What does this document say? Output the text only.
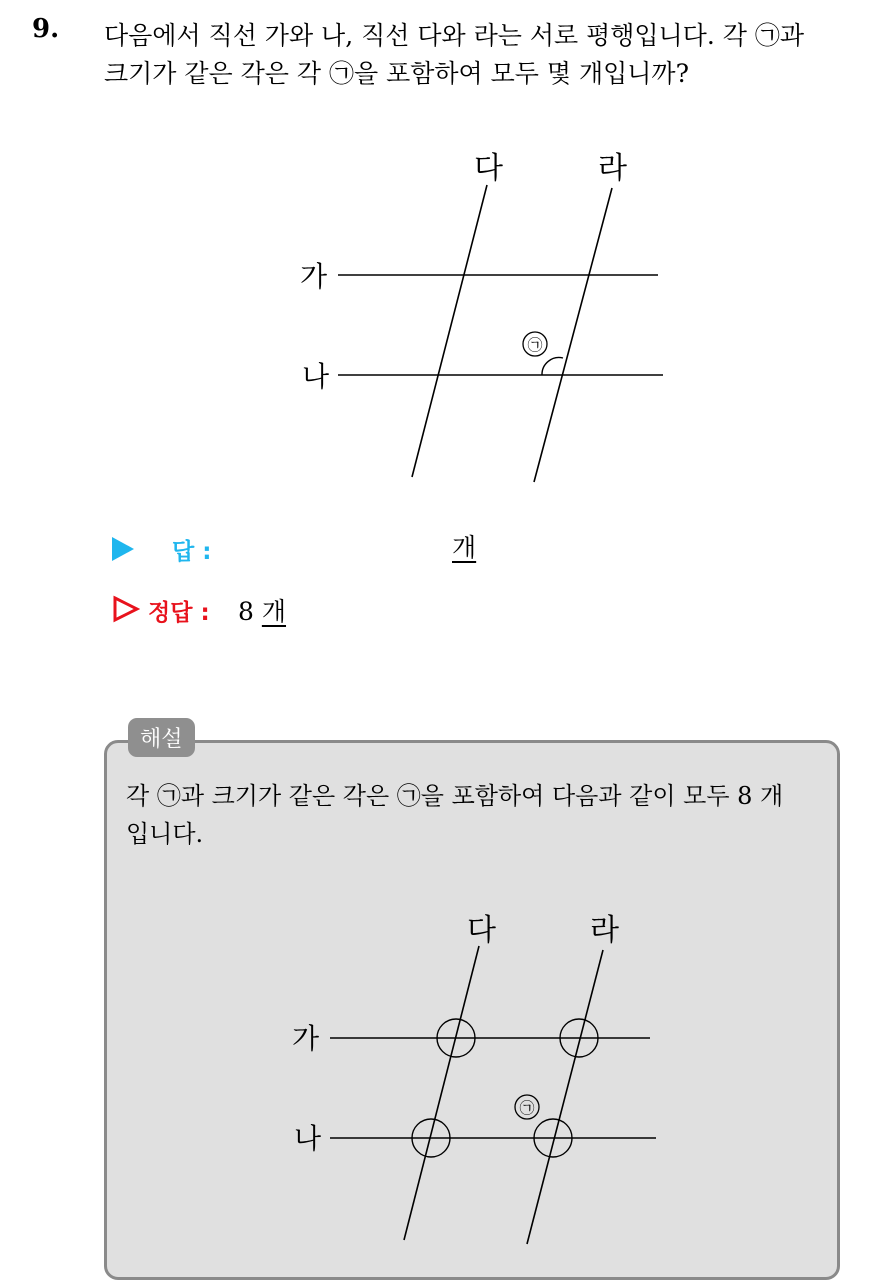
9. 다음에서 직선 가와 나, 직선 다와 라는 서로 평행입니다. 각 ㉠과
크기가 같은 각은 각 ㉠을 포함하여 모두 몇 개입니까?
가
나
다	라
㉠
답 :	개
정답 : 8 개
해설
각 ㉠과 크기가 같은 각은 ㉠을 포함하여 다음과 같이 모두 8 개
입니다.
가
나
다	라
㉠
